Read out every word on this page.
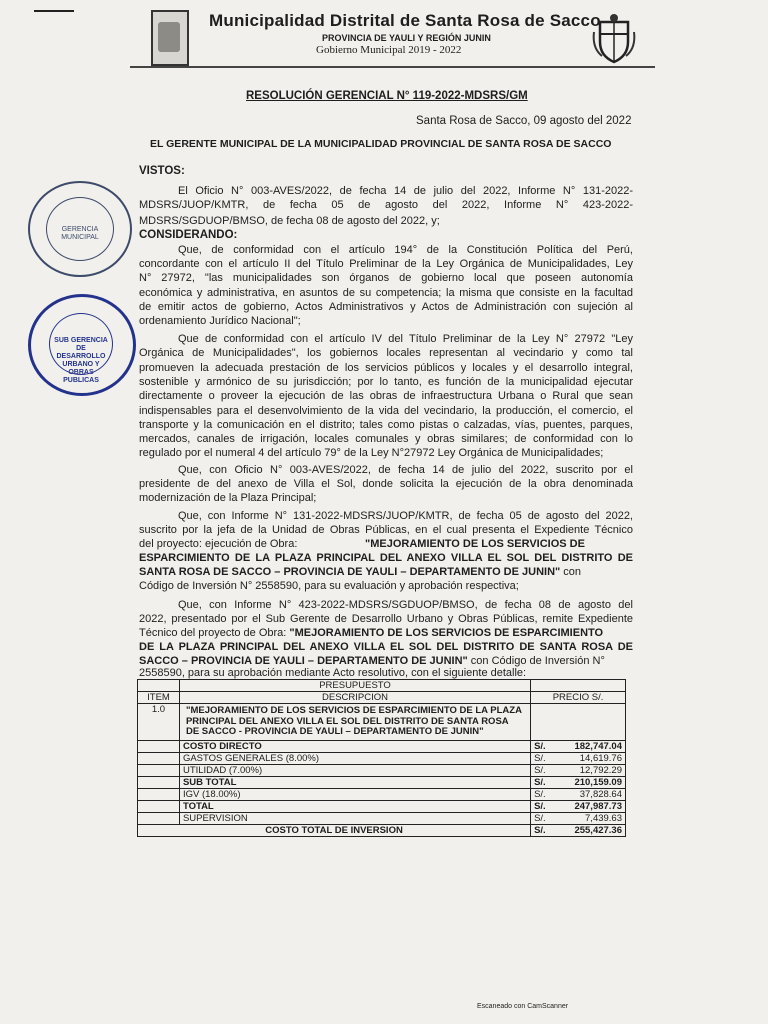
Municipalidad Distrital de Santa Rosa de Sacco
PROVINCIA DE YAULI Y REGIÓN JUNIN
Gobierno Municipal 2019 - 2022
RESOLUCIÓN GERENCIAL N° 119-2022-MDSRS/GM
Santa Rosa de Sacco, 09 agosto del 2022
EL GERENTE MUNICIPAL DE LA MUNICIPALIDAD PROVINCIAL DE SANTA ROSA DE SACCO
VISTOS:
El Oficio N° 003-AVES/2022, de fecha 14 de julio del 2022, Informe N° 131-2022-
MDSRS/JUOP/KMTR, de fecha 05 de agosto del 2022, Informe N° 423-2022-
MDSRS/SGDUOP/BMSO, de fecha 08 de agosto del 2022, y;
CONSIDERANDO:
Que, de conformidad con el artículo 194° de la Constitución Política del Perú,
concordante con el artículo II del Título Preliminar de la Ley Orgánica de Municipalidades, Ley
N° 27972, "las municipalidades son órganos de gobierno local que poseen autonomía
económica y administrativa, en asuntos de su competencia; la misma que consiste en la facultad
de emitir actos de gobierno, Actos Administrativos y Actos de Administración con sujeción al
ordenamiento Jurídico Nacional";
Que de conformidad con el artículo IV del Título Preliminar de la Ley N° 27972 "Ley
Orgánica de Municipalidades", los gobiernos locales representan al vecindario y como tal
promueven la adecuada prestación de los servicios públicos y locales y el desarrollo integral,
sostenible y armónico de su jurisdicción; por lo tanto, es función de la municipalidad ejecutar
directamente o proveer la ejecución de las obras de infraestructura Urbana o Rural que sean
indispensables para el desenvolvimiento de la vida del vecindario, la producción, el comercio, el
transporte y la comunicación en el distrito; tales como pistas o calzadas, vías, puentes, parques,
mercados, canales de irrigación, locales comunales y obras similares; de conformidad con lo
regulado por el numeral 4 del artículo 79° de la Ley N°27972 Ley Orgánica de Municipalidades;
Que, con Oficio N° 003-AVES/2022, de fecha 14 de julio del 2022, suscrito por el
presidente de del anexo de Villa el Sol, donde solicita la ejecución de la obra denominada
modernización de la Plaza Principal;
Que, con Informe N° 131-2022-MDSRS/JUOP/KMTR, de fecha 05 de agosto del 2022,
suscrito por la jefa de la Unidad de Obras Públicas, en el cual presenta el Expediente Técnico
del proyecto: ejecución de Obra:	"MEJORAMIENTO DE LOS SERVICIOS DE
ESPARCIMIENTO DE LA PLAZA PRINCIPAL DEL ANEXO VILLA EL SOL DEL DISTRITO DE
SANTA ROSA DE SACCO – PROVINCIA DE YAULI – DEPARTAMENTO DE JUNIN" con
Código de Inversión N° 2558590, para su evaluación y aprobación respectiva;
Que, con Informe N° 423-2022-MDSRS/SGDUOP/BMSO, de fecha 08 de agosto del
2022, presentado por el Sub Gerente de Desarrollo Urbano y Obras Públicas, remite Expediente
Técnico del proyecto de Obra: "MEJORAMIENTO DE LOS SERVICIOS DE ESPARCIMIENTO
DE LA PLAZA PRINCIPAL DEL ANEXO VILLA EL SOL DEL DISTRITO DE SANTA ROSA DE
SACCO – PROVINCIA DE YAULI – DEPARTAMENTO DE JUNIN" con Código de Inversión N°
2558590, para su aprobación mediante Acto resolutivo, con el siguiente detalle:
GERENCIA MUNICIPAL
SUB GERENCIA DE DESARROLLO URBANO Y OBRAS PUBLICAS
	PRESUPUESTO	
ITEM	DESCRIPCION	PRECIO S/.
1.0	"MEJORAMIENTO DE LOS SERVICIOS DE ESPARCIMIENTO DE LA PLAZA PRINCIPAL DEL ANEXO VILLA EL SOL DEL DISTRITO DE SANTA ROSA DE SACCO - PROVINCIA DE YAULI – DEPARTAMENTO DE JUNIN"	
	COSTO DIRECTO	S/. 182,747.04

	GASTOS GENERALES (8.00%)	S/. 14,619.76

	UTILIDAD (7.00%)	S/. 12,792.29

	SUB TOTAL	S/. 210,159.09

	IGV (18.00%)	S/. 37,828.64

	TOTAL	S/. 247,987.73

	SUPERVISION	S/. 7,439.63

COSTO TOTAL DE INVERSION		S/. 255,427.36
Escaneado con CamScanner
